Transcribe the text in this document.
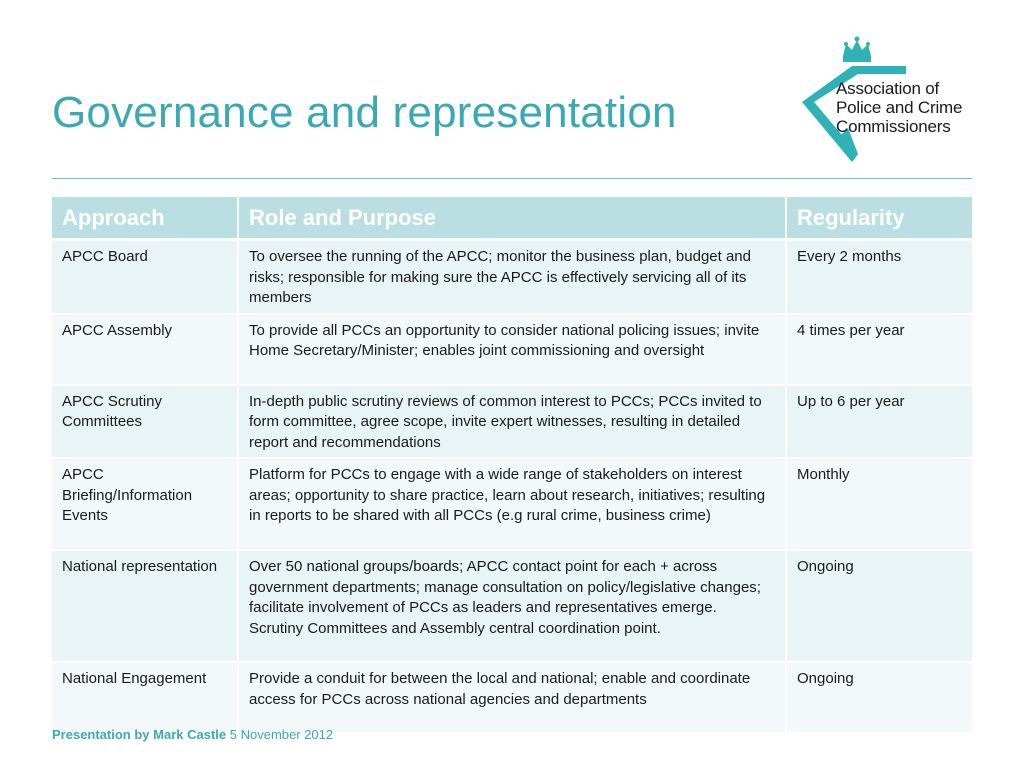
Governance and representation	Association of
Police and Crime
Commissioners
Approach	Role and Purpose	Regularity
APCC Board	To oversee the running of the APCC; monitor the business plan, budget and risks; responsible for making sure the APCC is effectively servicing all of its members	Every 2 months
APCC Assembly	To provide all PCCs an opportunity to consider national policing issues; invite Home Secretary/Minister; enables joint commissioning and oversight	4 times per year
APCC Scrutiny Committees	In-depth public scrutiny reviews of common interest to PCCs; PCCs invited to form committee, agree scope, invite expert witnesses, resulting in detailed report and recommendations	Up to 6 per year
APCC Briefing/Information Events	Platform for PCCs to engage with a wide range of stakeholders on interest areas; opportunity to share practice, learn about research, initiatives; resulting in reports to be shared with all PCCs (e.g rural crime, business crime)	Monthly
National representation	Over 50 national groups/boards; APCC contact point for each + across government departments; manage consultation on policy/legislative changes; facilitate involvement of PCCs as leaders and representatives emerge. Scrutiny Committees and Assembly central coordination point.	Ongoing
National Engagement	Provide a conduit for between the local and national; enable and coordinate access for PCCs across national agencies and departments	Ongoing
Presentation by Mark Castle 5 November 2012
